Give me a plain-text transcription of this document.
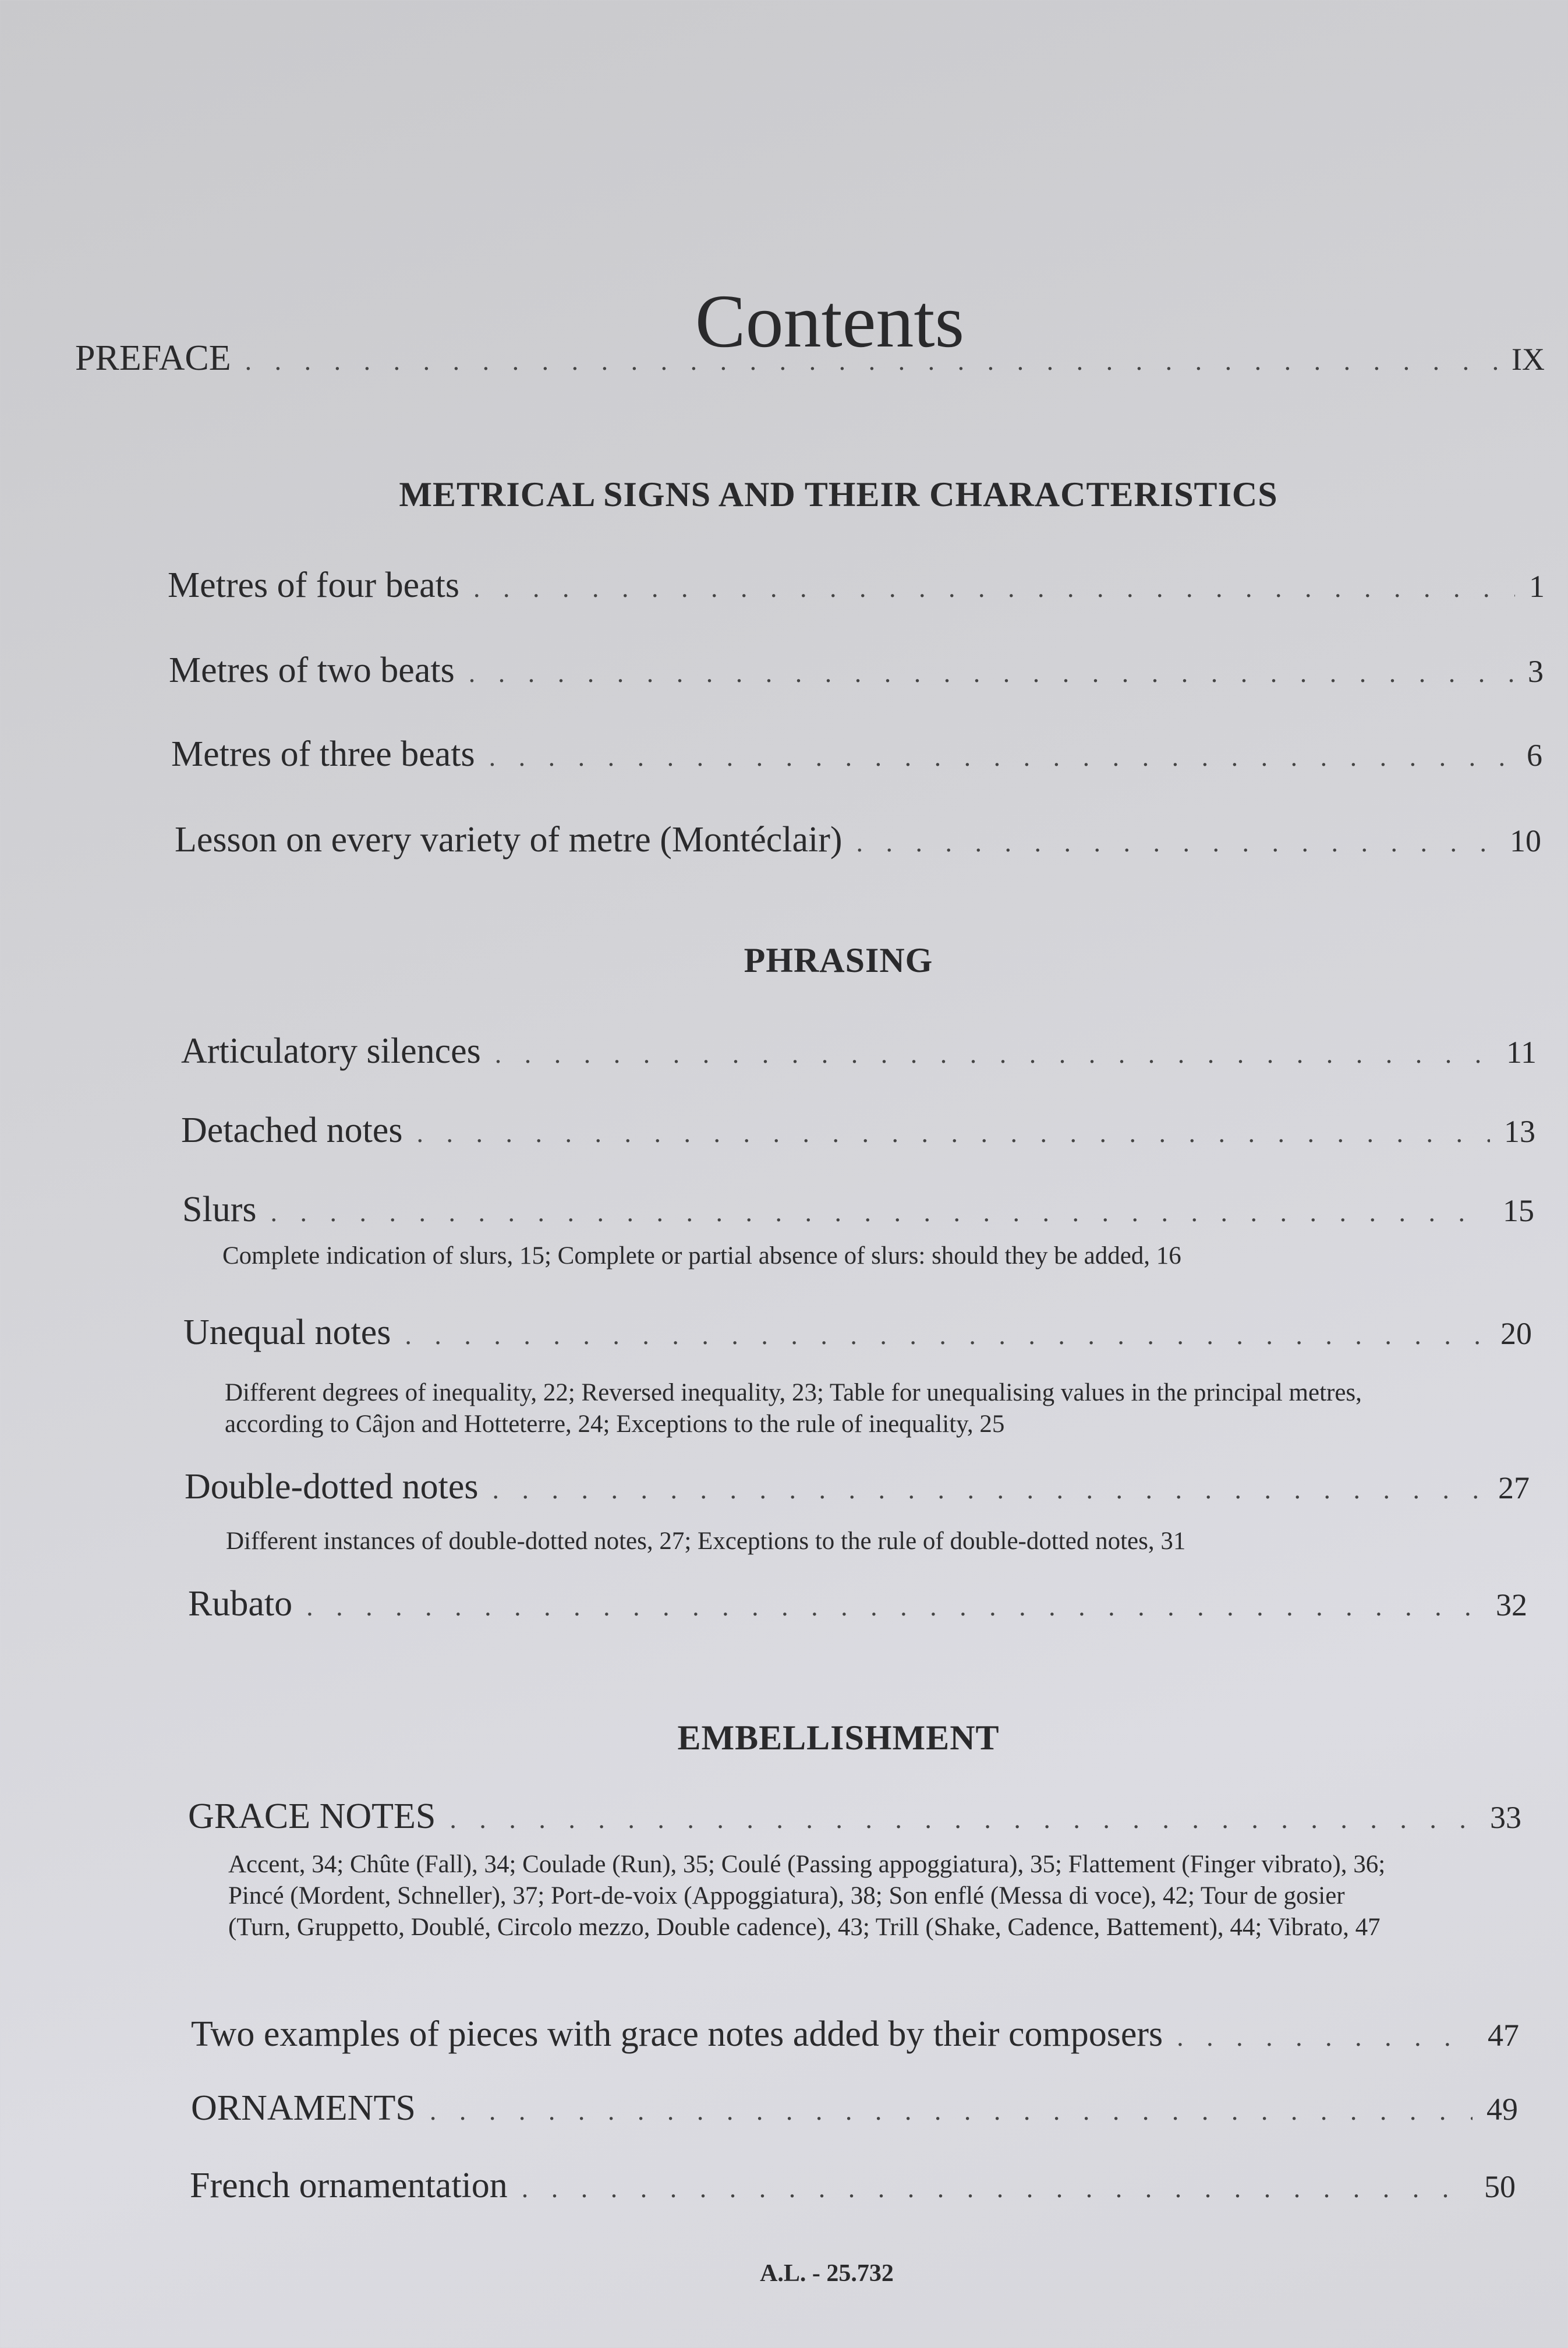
Contents
PREFACE . . .	IX
METRICAL SIGNS AND THEIR CHARACTERISTICS
Metres of four beats . . .	1
Metres of two beats . . .	3
Metres of three beats . . .	6
Lesson on every variety of metre (Montéclair) . . .	10
PHRASING
Articulatory silences . . .	11
Detached notes . . .	13
Slurs . . .	15
Complete indication of slurs, 15; Complete or partial absence of slurs: should they be added, 16
Unequal notes . . .	20
Different degrees of inequality, 22; Reversed inequality, 23; Table for unequalising values in the principal metres, according to Câjon and Hotteterre, 24; Exceptions to the rule of inequality, 25
Double-dotted notes . . .	27
Different instances of double-dotted notes, 27; Exceptions to the rule of double-dotted notes, 31
Rubato . . .	32
EMBELLISHMENT
GRACE NOTES . . .	33
Accent, 34; Chûte (Fall), 34; Coulade (Run), 35; Coulé (Passing appoggiatura), 35; Flattement (Finger vibrato), 36; Pincé (Mordent, Schneller), 37; Port-de-voix (Appoggiatura), 38; Son enflé (Messa di voce), 42; Tour de gosier (Turn, Gruppetto, Doublé, Circolo mezzo, Double cadence), 43; Trill (Shake, Cadence, Battement), 44; Vibrato, 47
Two examples of pieces with grace notes added by their composers . . .	47
ORNAMENTS . . .	49
French ornamentation . . .	50
A.L. - 25.732
